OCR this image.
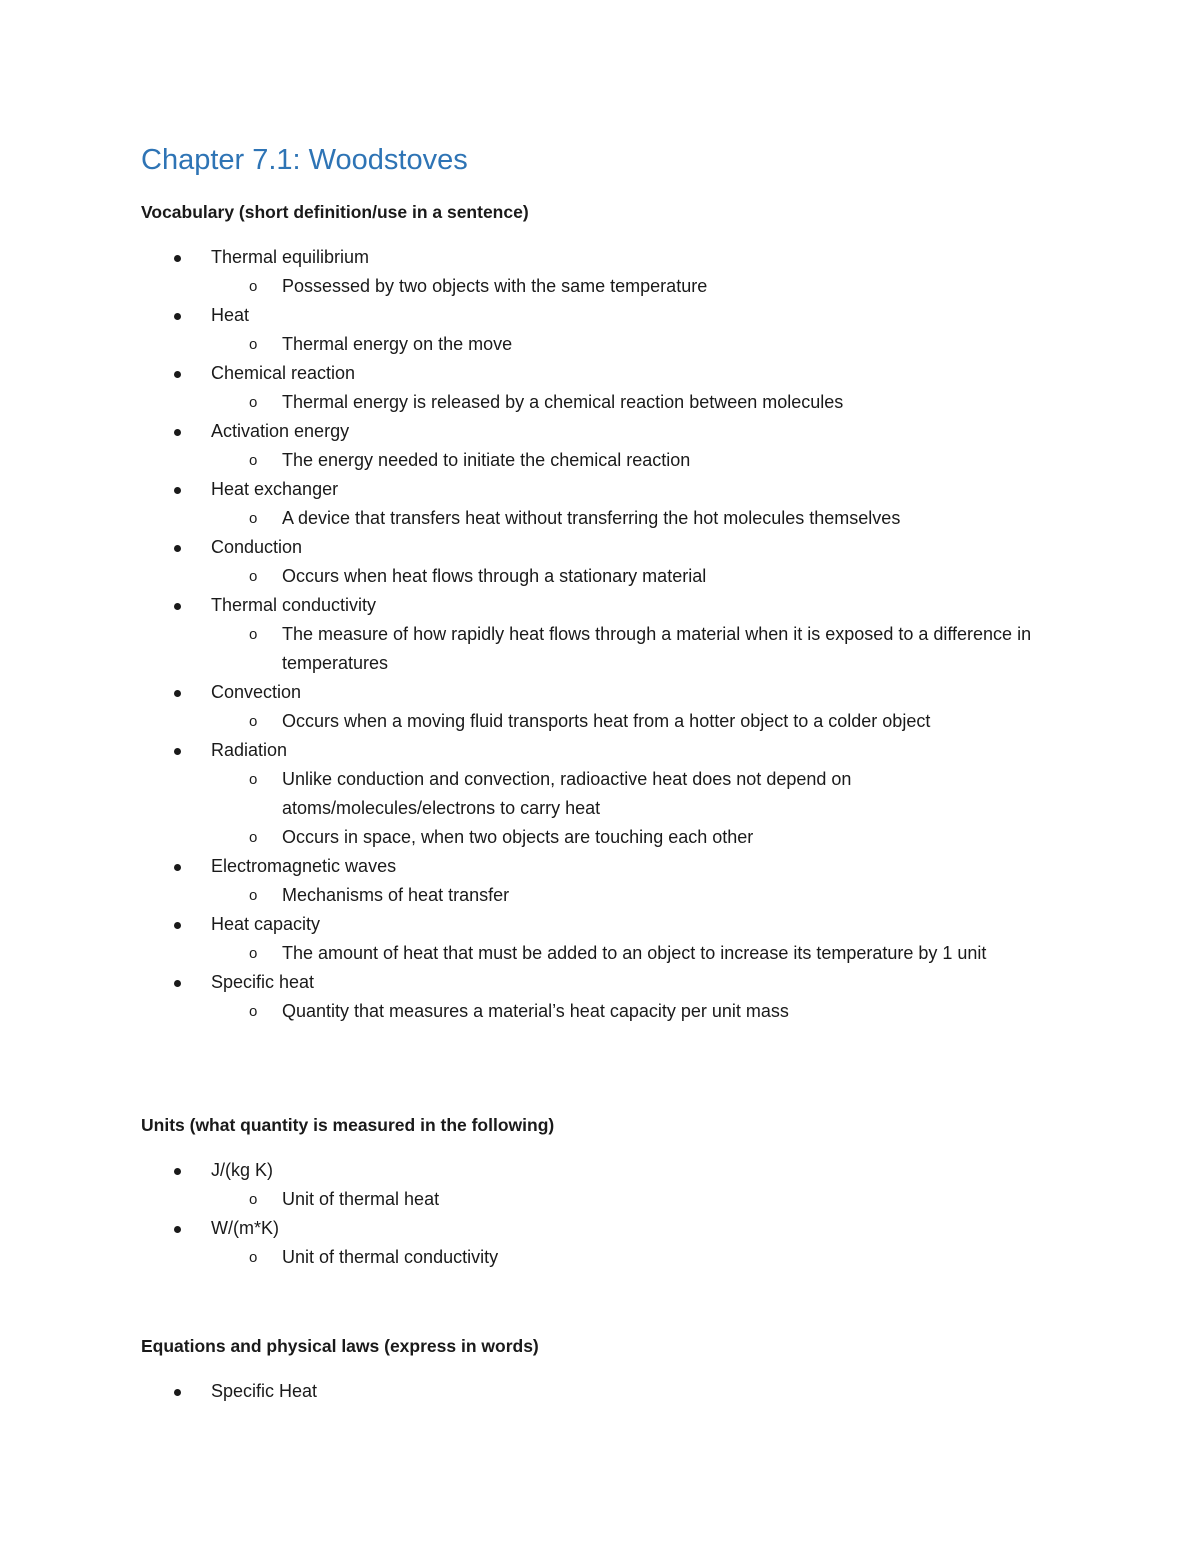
Chapter 7.1: Woodstoves
Vocabulary (short definition/use in a sentence)
Thermal equilibrium
o Possessed by two objects with the same temperature
Heat
o Thermal energy on the move
Chemical reaction
o Thermal energy is released by a chemical reaction between molecules
Activation energy
o The energy needed to initiate the chemical reaction
Heat exchanger
o A device that transfers heat without transferring the hot molecules themselves
Conduction
o Occurs when heat flows through a stationary material
Thermal conductivity
o The measure of how rapidly heat flows through a material when it is exposed to a difference in temperatures
Convection
o Occurs when a moving fluid transports heat from a hotter object to a colder object
Radiation
o Unlike conduction and convection, radioactive heat does not depend on atoms/molecules/electrons to carry heat
o Occurs in space, when two objects are touching each other
Electromagnetic waves
o Mechanisms of heat transfer
Heat capacity
o The amount of heat that must be added to an object to increase its temperature by 1 unit
Specific heat
o Quantity that measures a material’s heat capacity per unit mass
Units (what quantity is measured in the following)
J/(kg K)
o Unit of thermal heat
W/(m*K)
o Unit of thermal conductivity
Equations and physical laws (express in words)
Specific Heat
